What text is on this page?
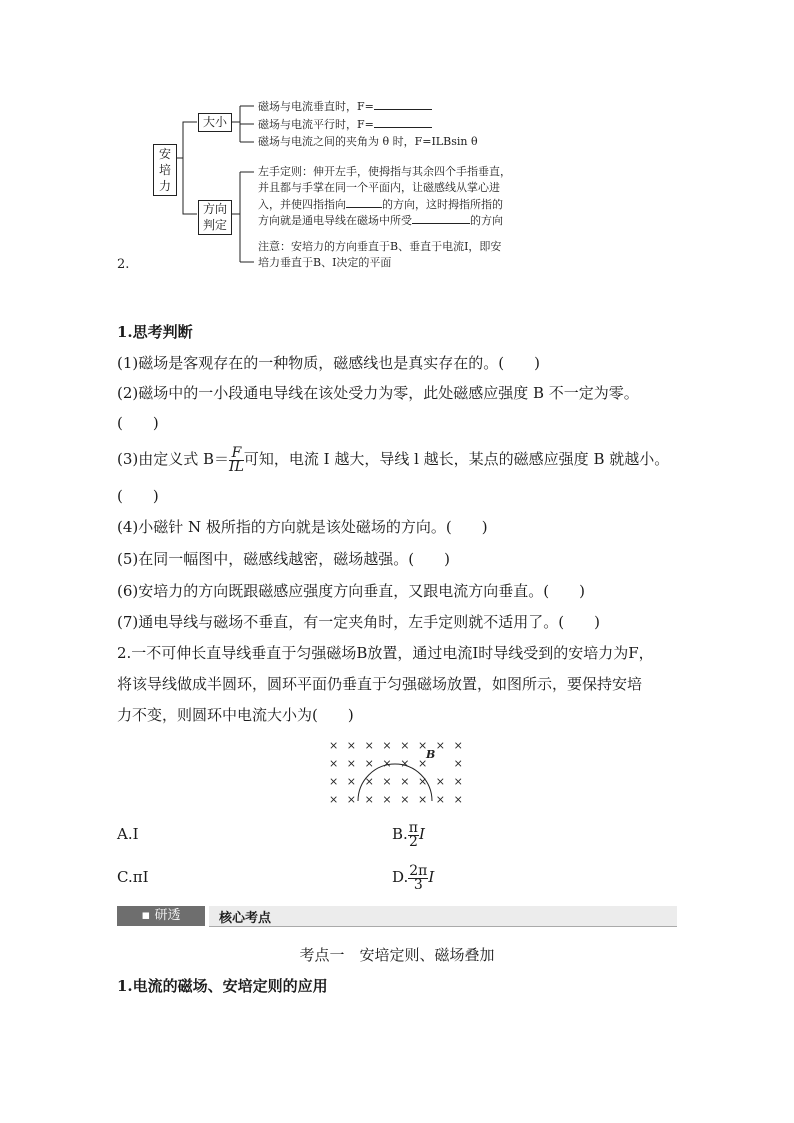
安培力
大小
方向判定
磁场与电流垂直时，F=
磁场与电流平行时，F=
磁场与电流之间的夹角为 θ 时，F=ILBsin θ
左手定则：伸开左手，使拇指与其余四个手指垂直，
并且都与手掌在同一个平面内，让磁感线从掌心进
入，并使四指指向	的方向，这时拇指所指的
方向就是通电导线在磁场中所受	的方向
注意：安培力的方向垂直于B、垂直于电流I，即安
培力垂直于B、I决定的平面
2.
1.思考判断
(1)磁场是客观存在的一种物质，磁感线也是真实存在的。(　　)
(2)磁场中的一小段通电导线在该处受力为零，此处磁感应强度 B 不一定为零。
(　　)
(3)由定义式 $B= \frac{F}{IL}$ 可知，电流 I 越大，导线 l 越长，某点的磁感应强度 B 就越小。
(　　)
(4)小磁针 N 极所指的方向就是该处磁场的方向。(　　)
(5)在同一幅图中，磁感线越密，磁场越强。(　　)
(6)安培力的方向既跟磁感应强度方向垂直，又跟电流方向垂直。(　　)
(7)通电导线与磁场不垂直，有一定夹角时，左手定则就不适用了。(　　)
2.一不可伸长直导线垂直于匀强磁场B放置，通过电流I时导线受到的安培力为F，
将该导线做成半圆环，圆环平面仍垂直于匀强磁场放置，如图所示，要保持安培
力不变，则圆环中电流大小为(　　)
B
× × × × × × × ×
× × × × × × ×
× × × × × × × ×
× × × × × × × ×
A.I	B. $\frac{\pi}{2}$ I
C.πI	D. $\frac{2\pi}{3}$ I
▪ 研透	核心考点
考点一　安培定则、磁场叠加
1.电流的磁场、安培定则的应用
